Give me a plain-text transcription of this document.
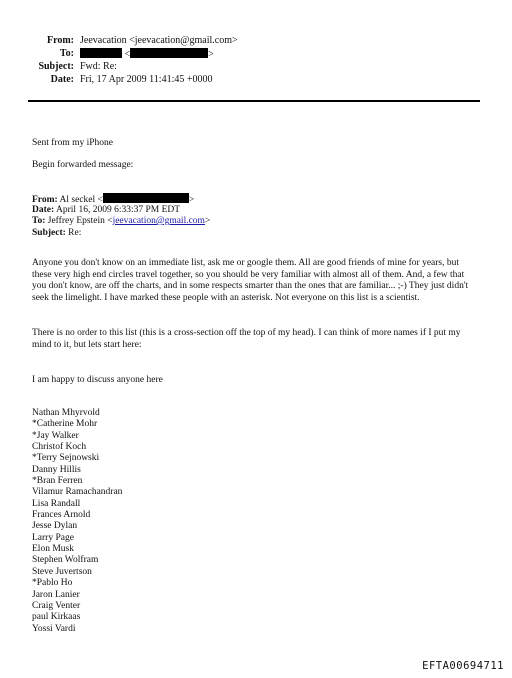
From: Jeevacation <jeevacation@gmail.com>
To:	<	>
Subject: Fwd: Re:
Date: Fri, 17 Apr 2009 11:41:45 +0000
Sent from my iPhone
Begin forwarded message:
From: Al seckel <	>
Date: April 16, 2009 6:33:37 PM EDT
To: Jeffrey Epstein <jeevacation@gmail.com>
Subject: Re:
Anyone you don't know on an immediate list, ask me or google them. All are good friends of mine for years, but these very high end circles travel together, so you should be very familiar with almost all of them. And, a few that you don't know, are off the charts, and in some respects smarter than the ones that are familiar... ;-) They just didn't seek the limelight. I have marked these people with an asterisk. Not everyone on this list is a scientist.
There is no order to this list (this is a cross-section off the top of my head). I can think of more names if I put my mind to it, but lets start here:
I am happy to discuss anyone here
Nathan Mhyrvold
*Catherine Mohr
*Jay Walker
Christof Koch
*Terry Sejnowski
Danny Hillis
*Bran Ferren
Vilamur Ramachandran
Lisa Randall
Frances Arnold
Jesse Dylan
Larry Page
Elon Musk
Stephen Wolfram
Steve Juvertson
*Pablo Ho
Jaron Lanier
Craig Venter
paul Kirkaas
Yossi Vardi
EFTA00694711
